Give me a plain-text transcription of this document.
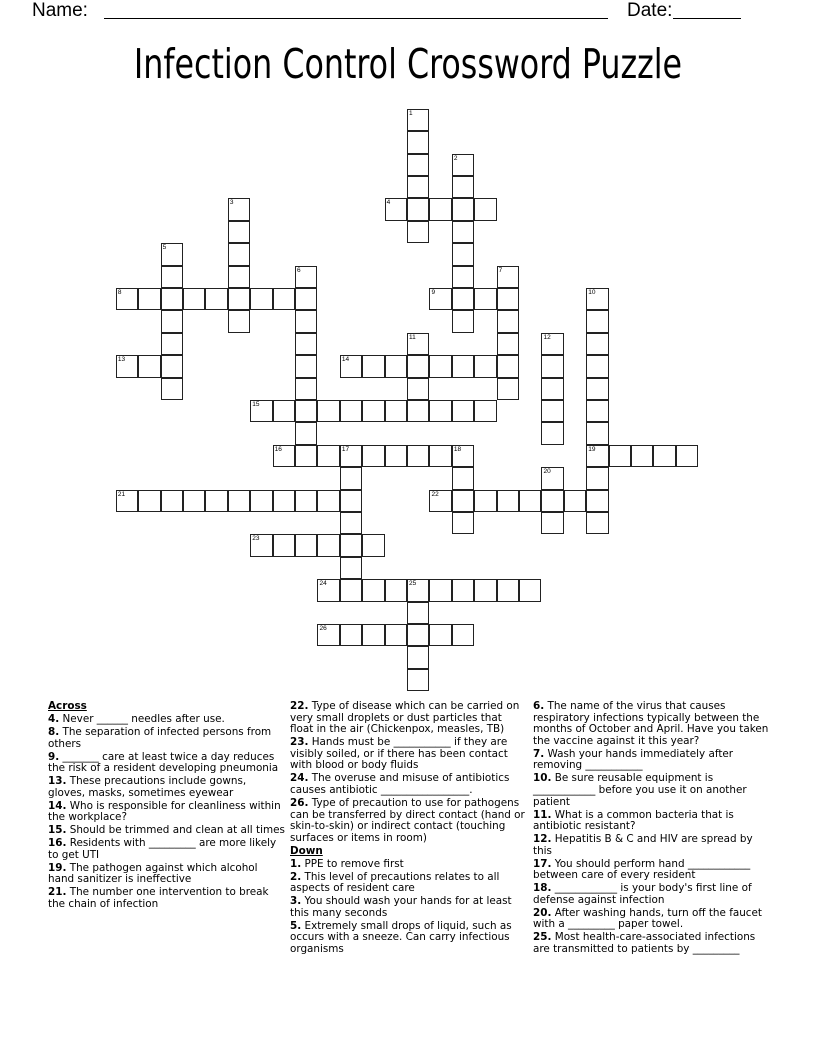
Name:	Date:
Infection Control Crossword Puzzle
1
2
3	4
5
6	7
8	9	10
19
11	12
13	14
15
16	17	18
20
21	22
23
24	25
26

Across

4. Never ______ needles after use.

8. The separation of infected persons from others

9. _______ care at least twice a day reduces the risk of a resident developing pneumonia

13. These precautions include gowns, gloves, masks, sometimes eyewear

14. Who is responsible for cleanliness within the workplace?

15. Should be trimmed and clean at all times

16. Residents with _________ are more likely to get UTI

19. The pathogen against which alcohol hand sanitizer is ineffective

21. The number one intervention to break the chain of infection

22. Type of disease which can be carried on very small droplets or dust particles that float in the air (Chickenpox, measles, TB)

23. Hands must be ___________ if they are visibly soiled, or if there has been contact with blood or body fluids

24. The overuse and misuse of antibiotics causes antibiotic _________________.

26. Type of precaution to use for pathogens can be transferred by direct contact (hand or skin-to-skin) or indirect contact (touching surfaces or items in room)

Down

1. PPE to remove first

2. This level of precautions relates to all aspects of resident care

3. You should wash your hands for at least this many seconds

5. Extremely small drops of liquid, such as occurs with a sneeze. Can carry infectious organisms

6. The name of the virus that causes respiratory infections typically between the months of October and April. Have you taken the vaccine against it this year?

7. Wash your hands immediately after removing ___________

10. Be sure reusable equipment is ____________ before you use it on another patient

11. What is a common bacteria that is antibiotic resistant?

12. Hepatitis B & C and HIV are spread by this

17. You should perform hand ____________ between care of every resident

18. ____________ is your body's first line of defense against infection

20. After washing hands, turn off the faucet with a _________ paper towel.

25. Most health-care-associated infections are transmitted to patients by _________
